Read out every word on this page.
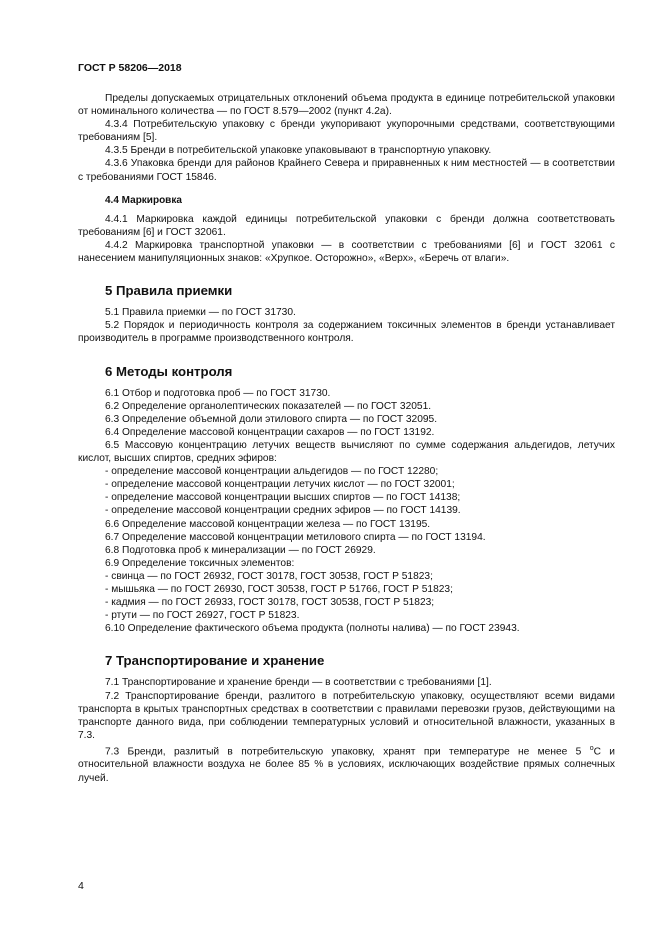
ГОСТ Р 58206—2018

Пределы допускаемых отрицательных отклонений объема продукта в единице потребительской упаковки от номинального количества — по ГОСТ 8.579—2002 (пункт 4.2а).

4.3.4 Потребительскую упаковку с бренди укупоривают укупорочными средствами, соответствующими требованиям [5].

4.3.5 Бренди в потребительской упаковке упаковывают в транспортную упаковку.

4.3.6 Упаковка бренди для районов Крайнего Севера и приравненных к ним местностей — в соответствии с требованиями ГОСТ 15846.

4.4 Маркировка

4.4.1 Маркировка каждой единицы потребительской упаковки с бренди должна соответствовать требованиям [6] и ГОСТ 32061.

4.4.2 Маркировка транспортной упаковки — в соответствии с требованиями [6] и ГОСТ 32061 с нанесением манипуляционных знаков: «Хрупкое. Осторожно», «Верх», «Беречь от влаги».

5 Правила приемки

5.1 Правила приемки — по ГОСТ 31730.

5.2 Порядок и периодичность контроля за содержанием токсичных элементов в бренди устанавливает производитель в программе производственного контроля.

6 Методы контроля
6.1 Отбор и подготовка проб — по ГОСТ 31730.
6.2 Определение органолептических показателей — по ГОСТ 32051.
6.3 Определение объемной доли этилового спирта — по ГОСТ 32095.
6.4 Определение массовой концентрации сахаров — по ГОСТ 13192.

6.5 Массовую концентрацию летучих веществ вычисляют по сумме содержания альдегидов, летучих кислот, высших спиртов, средних эфиров:

- определение массовой концентрации альдегидов — по ГОСТ 12280;
- определение массовой концентрации летучих кислот — по ГОСТ 32001;
- определение массовой концентрации высших спиртов — по ГОСТ 14138;
- определение массовой концентрации средних эфиров — по ГОСТ 14139.
6.6 Определение массовой концентрации железа — по ГОСТ 13195.
6.7 Определение массовой концентрации метилового спирта — по ГОСТ 13194.
6.8 Подготовка проб к минерализации — по ГОСТ 26929.
6.9 Определение токсичных элементов:
- свинца — по ГОСТ 26932, ГОСТ 30178, ГОСТ 30538, ГОСТ Р 51823;
- мышьяка — по ГОСТ 26930, ГОСТ 30538, ГОСТ Р 51766, ГОСТ Р 51823;
- кадмия — по ГОСТ 26933, ГОСТ 30178, ГОСТ 30538, ГОСТ Р 51823;
- ртути — по ГОСТ 26927, ГОСТ Р 51823.
6.10 Определение фактического объема продукта (полноты налива) — по ГОСТ 23943.
7 Транспортирование и хранение

7.1 Транспортирование и хранение бренди — в соответствии с требованиями [1].

7.2 Транспортирование бренди, разлитого в потребительскую упаковку, осуществляют всеми видами транспорта в крытых транспортных средствах в соответствии с правилами перевозки грузов, действующими на транспорте данного вида, при соблюдении температурных условий и относительной влажности, указанных в 7.3.

7.3 Бренди, разлитый в потребительскую упаковку, хранят при температуре не менее 5 $^о$С и относительной влажности воздуха не более 85 % в условиях, исключающих воздействие прямых солнечных лучей.

4
